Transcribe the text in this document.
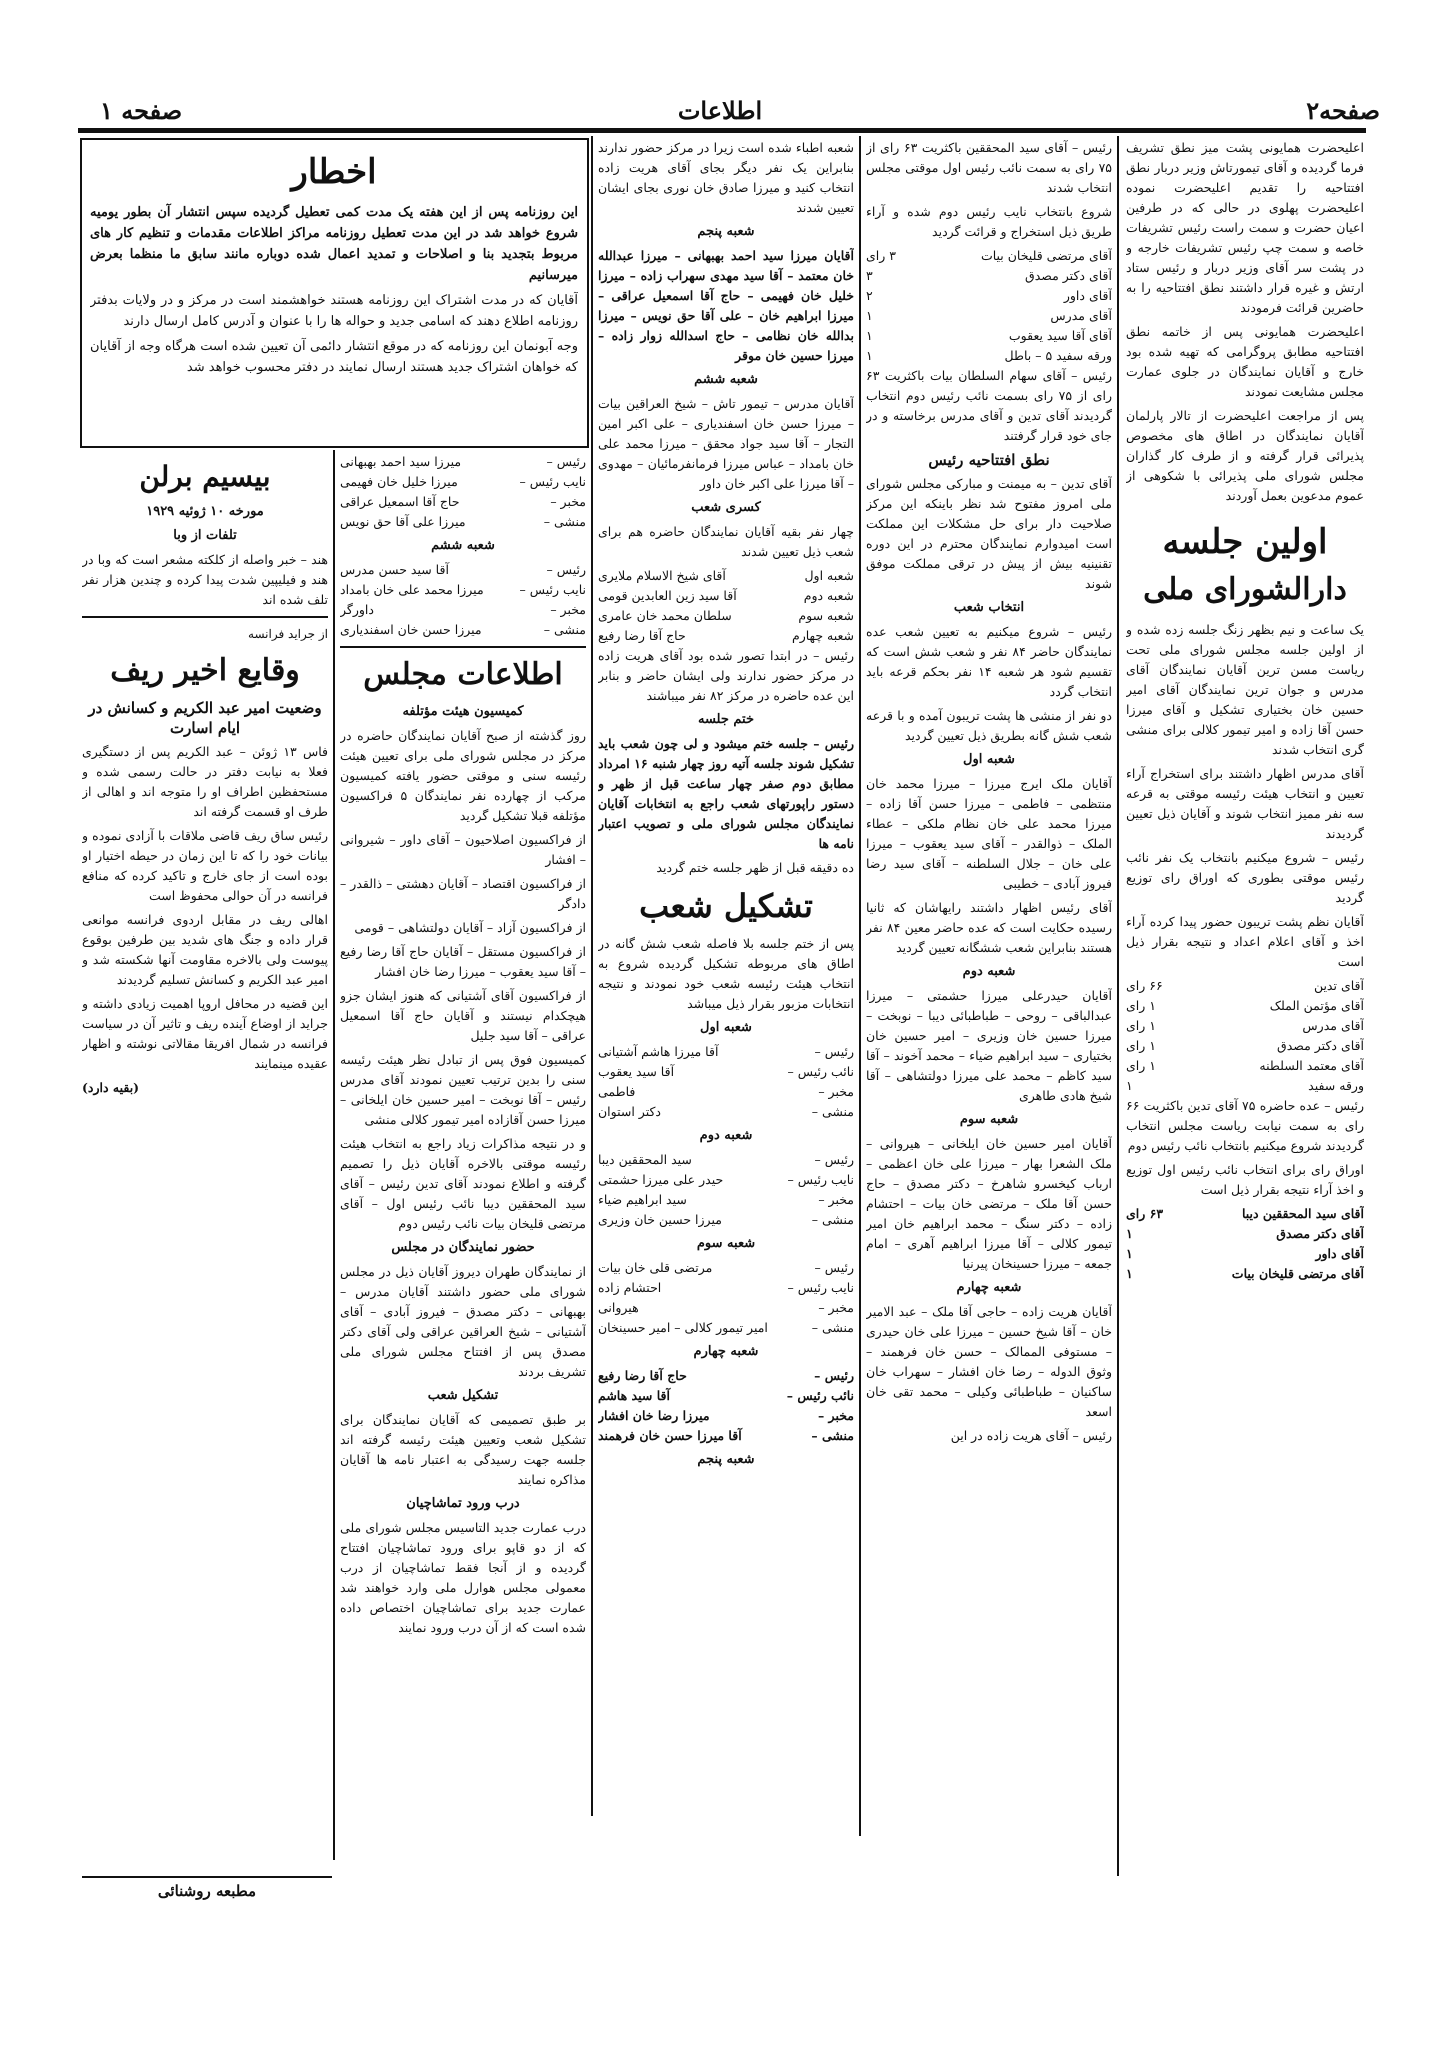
صفحه۲
اطلاعات
صفحه ۱

اعلیحضرت همایونی پشت میز نطق تشریف فرما گردیده و آقای تیمورتاش وزیر دربار نطق افتتاحیه را تقدیم اعلیحضرت نموده اعلیحضرت پهلوی در حالی که در طرفین اعیان حضرت و سمت راست رئیس تشریفات خاصه و سمت چپ رئیس تشریفات خارجه و در پشت سر آقای وزیر دربار و رئیس ستاد ارتش و غیره قرار داشتند نطق افتتاحیه را به حاضرین قرائت فرمودند

اعلیحضرت همایونی پس از خاتمه نطق افتتاحیه مطابق پروگرامی که تهیه شده بود خارج و آقایان نمایندگان در جلوی عمارت مجلس مشایعت نمودند

پس از مراجعت اعلیحضرت از تالار پارلمان آقایان نمایندگان در اطاق های مخصوص پذیرائی قرار گرفته و از طرف کار گذاران مجلس شورای ملی پذیرائی با شکوهی از عموم مدعوین بعمل آوردند

اولین جلسه
دارالشورای ملی

یک ساعت و نیم بظهر زنگ جلسه زده شده و از اولین جلسه مجلس شورای ملی تحت ریاست مسن ترین آقایان نمایندگان آقای مدرس و جوان ترین نمایندگان آقای امیر حسین خان بختیاری تشکیل و آقای میرزا حسن آقا زاده و امیر تیمور کلالی برای منشی گری انتخاب شدند

آقای مدرس اظهار داشتند برای استخراج آراء تعیین و انتخاب هیئت رئیسه موقتی به قرعه سه نفر ممیز انتخاب شوند و آقایان ذیل تعیین گردیدند

رئیس – شروع میکنیم بانتخاب یک نفر نائب رئیس موقتی بطوری که اوراق رای توزیع گردید

آقایان نظم پشت تریبون حضور پیدا کرده آراء اخذ و آقای اعلام اعداد و نتیجه بقرار ذیل است

آقای تدین
۶۶ رای
آقای مؤتمن الملک
۱ رای
آقای مدرس
۱ رای
آقای دکتر مصدق
۱ رای
آقای معتمد السلطنه
۱ رای
ورقه سفید
۱

رئیس – عده حاضره ۷۵ آقای تدین باکثریت ۶۶ رای به سمت نیابت ریاست مجلس انتخاب گردیدند شروع میکنیم بانتخاب نائب رئیس دوم

اوراق رای برای انتخاب نائب رئیس اول توزیع و اخذ آراء نتیجه بقرار ذیل است

آقای سید المحققین دیبا
۶۳ رای
آقای دکتر مصدق
۱
آقای داور
۱
آقای مرتضی قلیخان بیات
۱

رئیس – آقای سید المحققین باکثریت ۶۳ رای از ۷۵ رای به سمت نائب رئیس اول موقتی مجلس انتخاب شدند

شروع بانتخاب نایب رئیس دوم شده و آراء طریق ذیل استخراج و قرائت گردید

آقای مرتضی قلیخان بیات
۳ رای
آقای دکتر مصدق
۳
آقای داور
۲
آقای مدرس
۱
آقای آقا سید یعقوب
۱
ورقه سفید ۵ – باطل
۱

رئیس – آقای سهام السلطان بیات باکثریت ۶۳ رای از ۷۵ رای بسمت نائب رئیس دوم انتخاب گردیدند آقای تدین و آقای مدرس برخاسته و در جای خود قرار گرفتند

نطق افتتاحیه رئیس

آقای تدین – به میمنت و مبارکی مجلس شورای ملی امروز مفتوح شد نظر باینکه این مرکز صلاحیت دار برای حل مشکلات این مملکت است امیدوارم نمایندگان محترم در این دوره تقنینیه بیش از پیش در ترقی مملکت موفق شوند

انتخاب شعب

رئیس – شروع میکنیم به تعیین شعب عده نمایندگان حاضر ۸۴ نفر و شعب شش است که تقسیم شود هر شعبه ۱۴ نفر بحکم قرعه باید انتخاب گردد

دو نفر از منشی ها پشت تریبون آمده و با قرعه شعب شش گانه بطریق ذیل تعیین گردید

شعبه اول

آقایان ملک ایرج میرزا – میرزا محمد خان منتظمی – فاطمی – میرزا حسن آقا زاده – میرزا محمد علی خان نظام ملکی – عطاء الملک – ذوالقدر – آقای سید یعقوب – میرزا علی خان – جلال السلطنه – آقای سید رضا فیروز آبادی – خطیبی

آقای رئیس اظهار داشتند رایهاشان که ثانیا رسیده حکایت است که عده حاضر معین ۸۴ نفر هستند بنابراین شعب ششگانه تعیین گردید

شعبه دوم

آقایان حیدرعلی میرزا حشمتی – میرزا عبدالباقی – روحی – طباطبائی دیبا – نوبخت – میرزا حسین خان وزیری – امیر حسین خان بختیاری – سید ابراهیم ضیاء – محمد آخوند – آقا سید کاظم – محمد علی میرزا دولتشاهی – آقا شیخ هادی طاهری

شعبه سوم

آقایان امیر حسین خان ایلخانی – هیروانی – ملک الشعرا بهار – میرزا علی خان اعظمی – ارباب کیخسرو شاهرخ – دکتر مصدق – حاج حسن آقا ملک – مرتضی خان بیات – احتشام زاده – دکتر سنگ – محمد ابراهیم خان امیر تیمور کلالی – آقا میرزا ابراهیم آهری – امام جمعه – میرزا حسینخان پیرنیا

شعبه چهارم

آقایان هریت زاده – حاجی آقا ملک – عبد الامیر خان – آقا شیخ حسین – میرزا علی خان حیدری – مستوفی الممالک – حسن خان فرهمند – وثوق الدوله – رضا خان افشار – سهراب خان ساکنیان – طباطبائی وکیلی – محمد تقی خان اسعد

رئیس – آقای هریت زاده در این

شعبه اطباء شده است زیرا در مرکز حضور ندارند بنابراین یک نفر دیگر بجای آقای هریت زاده انتخاب کنید و میرزا صادق خان نوری بجای ایشان تعیین شدند

شعبه پنجم

آقایان میرزا سید احمد بهبهانی – میرزا عبدالله خان معتمد – آقا سید مهدی سهراب زاده – میرزا خلیل خان فهیمی – حاج آقا اسمعیل عراقی – میرزا ابراهیم خان – علی آقا حق نویس – میرزا بدالله خان نظامی – حاج اسدالله زوار زاده – میرزا حسین خان موقر

شعبه ششم

آقایان مدرس – تیمور تاش – شیخ العراقین بیات – میرزا حسن خان اسفندیاری – علی اکبر امین التجار – آقا سید جواد محقق – میرزا محمد علی خان بامداد – عباس میرزا فرمانفرمائیان – مهدوی – آقا میرزا علی اکبر خان داور

کسری شعب

چهار نفر بقیه آقایان نمایندگان حاضره هم برای شعب ذیل تعیین شدند

شعبه اول
آقای شیخ الاسلام ملایری
شعبه دوم
آقا سید زین العابدین قومی
شعبه سوم
سلطان محمد خان عامری
شعبه چهارم
حاج آقا رضا رفیع

رئیس – در ابتدا تصور شده بود آقای هریت زاده در مرکز حضور ندارند ولی ایشان حاضر و بنابر این عده حاضره در مرکز ۸۲ نفر میباشند

ختم جلسه

رئیس – جلسه ختم میشود و لی چون شعب باید تشکیل شوند جلسه آتیه روز چهار شنبه ۱۶ امرداد مطابق دوم صفر چهار ساعت قبل از ظهر و دستور راپورتهای شعب راجع به انتخابات آقایان نمایندگان مجلس شورای ملی و تصویب اعتبار نامه ها

ده دقیقه قبل از ظهر جلسه ختم گردید

تشکیل شعب

پس از ختم جلسه بلا فاصله شعب شش گانه در اطاق های مربوطه تشکیل گردیده شروع به انتخاب هیئت رئیسه شعب خود نمودند و نتیجه انتخابات مزبور بقرار ذیل میباشد

شعبه اول
رئیس –
آقا میرزا هاشم آشتیانی
نائب رئیس –
آقا سید یعقوب
مخبر –
فاطمی
منشی –
دکتر استوان
شعبه دوم
رئیس –
سید المحققین دیبا
نایب رئیس –
حیدر علی میرزا حشمتی
مخبر –
سید ابراهیم ضیاء
منشی –
میرزا حسین خان وزیری
شعبه سوم
رئیس –
مرتضی قلی خان بیات
نایب رئیس –
احتشام زاده
مخبر –
هیروانی
منشی –
امیر تیمور کلالی – امیر حسینخان
شعبه چهارم
رئیس –
حاج آقا رضا رفیع
نائب رئیس –
آقا سید هاشم
مخبر –
میرزا رضا خان افشار
منشی –
آقا میرزا حسن خان فرهمند
شعبه پنجم
رئیس –
میرزا سید احمد بهبهانی
نایب رئیس –
میرزا خلیل خان فهیمی
مخبر –
حاج آقا اسمعیل عراقی
منشی –
میرزا علی آقا حق نویس
شعبه ششم
رئیس –
آقا سید حسن مدرس
نایب رئیس –
میرزا محمد علی خان بامداد
مخبر –
داورگر
منشی –
میرزا حسن خان اسفندیاری
اطلاعات مجلس
کمیسیون هیئت مؤتلفه

روز گذشته از صبح آقایان نمایندگان حاضره در مرکز در مجلس شورای ملی برای تعیین هیئت رئیسه سنی و موقتی حضور یافته کمیسیون مرکب از چهارده نفر نمایندگان ۵ فراکسیون مؤتلفه قبلا تشکیل گردید

از فراکسیون اصلاحیون – آقای داور – شیروانی – افشار

از فراکسیون اقتصاد – آقایان دهشتی – ذالقدر – دادگر

از فراکسیون آزاد – آقایان دولتشاهی – قومی

از فراکسیون مستقل – آقایان حاج آقا رضا رفیع – آقا سید یعقوب – میرزا رضا خان افشار

از فراکسیون آقای آشتیانی که هنوز ایشان جزو هیچکدام نیستند و آقایان حاج آقا اسمعیل عراقی – آقا سید جلیل

کمیسیون فوق پس از تبادل نظر هیئت رئیسه سنی را بدین ترتیب تعیین نمودند آقای مدرس رئیس – آقا نوبخت – امیر حسین خان ایلخانی – میرزا حسن آقازاده امیر تیمور کلالی منشی

و در نتیجه مذاکرات زیاد راجع به انتخاب هیئت رئیسه موقتی بالاخره آقایان ذیل را تصمیم گرفته و اطلاع نمودند آقای تدین رئیس – آقای سید المحققین دیبا نائب رئیس اول – آقای مرتضی قلیخان بیات نائب رئیس دوم

حضور نمایندگان در مجلس

از نمایندگان طهران دیروز آقایان ذیل در مجلس شورای ملی حضور داشتند آقایان مدرس – بهبهانی – دکتر مصدق – فیروز آبادی – آقای آشتیانی – شیخ العراقین عراقی ولی آقای دکتر مصدق پس از افتتاح مجلس شورای ملی تشریف بردند

تشکیل شعب

بر طبق تصمیمی که آقایان نمایندگان برای تشکیل شعب وتعیین هیئت رئیسه گرفته اند جلسه جهت رسیدگی به اعتبار نامه ها آقایان مذاکره نمایند

درب ورود تماشاچیان

درب عمارت جدید التاسیس مجلس شورای ملی که از دو قاپو برای ورود تماشاچیان افتتاح گردیده و از آنجا فقط تماشاچیان از درب معمولی مجلس هوارل ملی وارد خواهند شد عمارت جدید برای تماشاچیان اختصاص داده شده است که از آن درب ورود نمایند

اخطار

این روزنامه پس از این هفته یک مدت کمی تعطیل گردیده سپس انتشار آن بطور یومیه شروع خواهد شد در این مدت تعطیل روزنامه مراکز اطلاعات مقدمات و تنظیم کار های مربوط بتجدید بنا و اصلاحات و تمدید اعمال شده دوباره مانند سابق ما منظما بعرض میرسانیم

آقایان که در مدت اشتراک این روزنامه هستند خواهشمند است در مرکز و در ولایات بدفتر روزنامه اطلاع دهند که اسامی جدید و حواله ها را با عنوان و آدرس کامل ارسال دارند

وجه آبونمان این روزنامه که در موقع انتشار دائمی آن تعیین شده است هرگاه وجه از آقایان که خواهان اشتراک جدید هستند ارسال نمایند در دفتر محسوب خواهد شد

بیسیم برلن
مورخه ۱۰ ژوئیه ۱۹۲۹
تلفات از وبا

هند – خبر واصله از کلکته مشعر است که وبا در هند و فیلیپین شدت پیدا کرده و چندین هزار نفر تلف شده اند

از جراید فرانسه
وقایع اخیر ریف
وضعیت امیر عبد الکریم و کسانش در ایام اسارت

فاس ۱۳ ژوئن – عبد الکریم پس از دستگیری فعلا به نیابت دفتر در حالت رسمی شده و مستحفظین اطراف او را متوجه اند و اهالی از طرف او قسمت گرفته اند

رئیس ساق ریف قاضی ملاقات با آزادی نموده و بیانات خود را که تا این زمان در حیطه اختیار او بوده است از جای خارج و تاکید کرده که منافع فرانسه در آن حوالی محفوظ است

اهالی ریف در مقابل اردوی فرانسه موانعی قرار داده و جنگ های شدید بین طرفین بوقوع پیوست ولی بالاخره مقاومت آنها شکسته شد و امیر عبد الکریم و کسانش تسلیم گردیدند

این قضیه در محافل اروپا اهمیت زیادی داشته و جراید از اوضاع آینده ریف و تاثیر آن در سیاست فرانسه در شمال افریقا مقالاتی نوشته و اظهار عقیده مینمایند

(بقیه دارد)
مطبعه روشنائی
